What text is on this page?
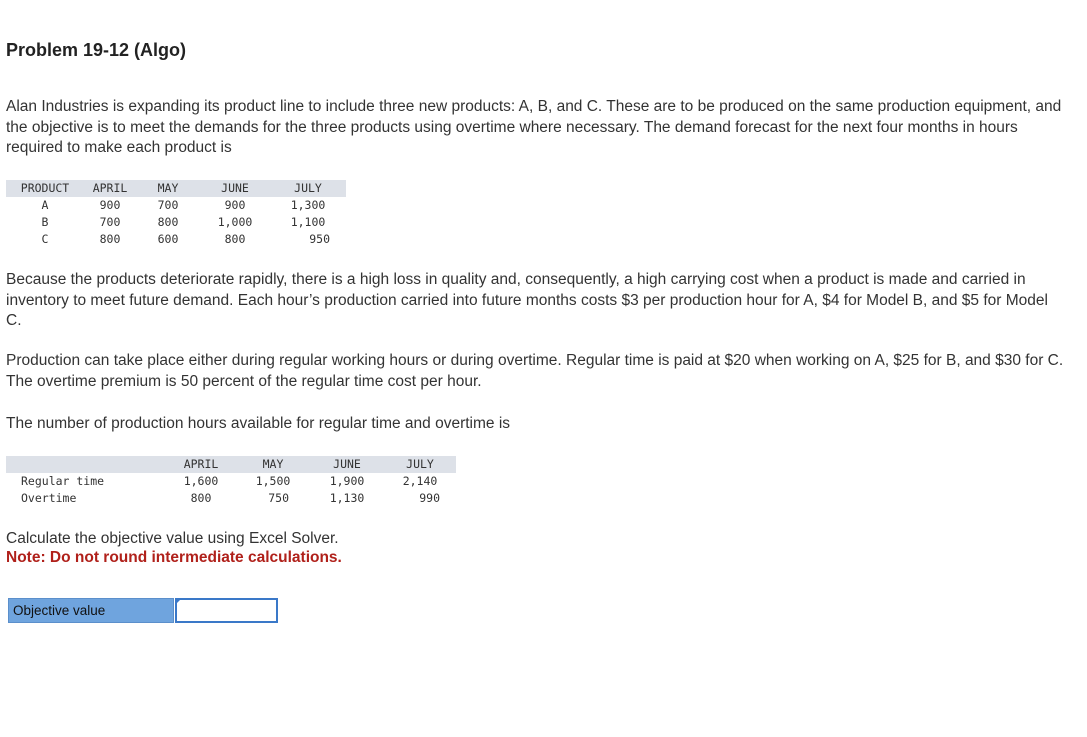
Problem 19-12 (Algo)
Alan Industries is expanding its product line to include three new products: A, B, and C. These are to be produced on the same production equipment, and the objective is to meet the demands for the three products using overtime where necessary. The demand forecast for the next four months in hours required to make each product is
PRODUCT	APRIL	MAY	JUNE	JULY
A	900	700	900	1,300
B	700	800	1,000	1,100
C	800	600	800	950
Because the products deteriorate rapidly, there is a high loss in quality and, consequently, a high carrying cost when a product is made and carried in inventory to meet future demand. Each hour’s production carried into future months costs $3 per production hour for A, $4 for Model B, and $5 for Model C.
Production can take place either during regular working hours or during overtime. Regular time is paid at $20 when working on A, $25 for B, and $30 for C. The overtime premium is 50 percent of the regular time cost per hour.
The number of production hours available for regular time and overtime is
	APRIL	MAY	JUNE	JULY
Regular time	1,600	1,500	1,900	2,140
Overtime	800	750	1,130	990
Calculate the objective value using Excel Solver.
Note: Do not round intermediate calculations.
Objective value
